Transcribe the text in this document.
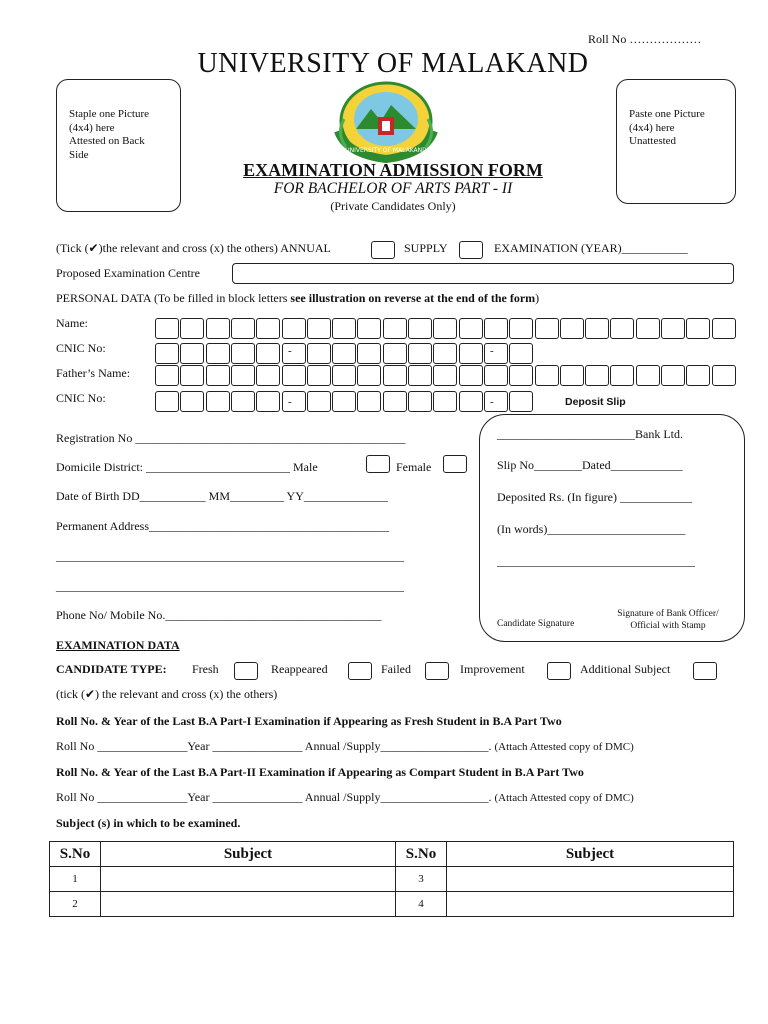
Roll No ………………
UNIVERSITY OF MALAKAND
Staple one Picture
(4x4) here
Attested on Back
Side
Paste one Picture
(4x4) here
Unattested
UNIVERSITY OF MALAKAND
EXAMINATION ADMISSION FORM
FOR BACHELOR OF ARTS PART - II
(Private Candidates Only)
(Tick (✔)the relevant and cross (x) the others) ANNUAL	SUPPLY	EXAMINATION (YEAR)___________
Proposed Examination Centre
PERSONAL DATA (To be filled in block letters see illustration on reverse at the end of the form)
Name:
CNIC No:	-	-
Father’s Name:
CNIC No:	-	-	Deposit Slip
_______________________Bank Ltd.
Slip No________Dated____________
Deposited Rs. (In figure) ____________
(In words)_______________________
_________________________________
Candidate Signature
Signature of Bank Officer/
Official with Stamp
Registration No _____________________________________________
Domicile District: ________________________ Male	Female
Date of Birth DD___________ MM_________ YY______________
Permanent Address________________________________________
__________________________________________________________
__________________________________________________________
Phone No/ Mobile No.____________________________________
EXAMINATION DATA
CANDIDATE TYPE: Fresh	Reappeared	Failed	Improvement	Additional Subject
(tick (✔) the relevant and cross (x) the others)
Roll No. & Year of the Last B.A Part-I Examination if Appearing as Fresh Student in B.A Part Two
Roll No _______________Year _______________ Annual /Supply__________________. (Attach Attested copy of DMC)
Roll No. & Year of the Last B.A Part-II Examination if Appearing as Compart Student in B.A Part Two
Roll No _______________Year _______________ Annual /Supply__________________. (Attach Attested copy of DMC)
Subject (s) in which to be examined.
S.No	Subject	S.No	Subject
1		3	
2		4	
